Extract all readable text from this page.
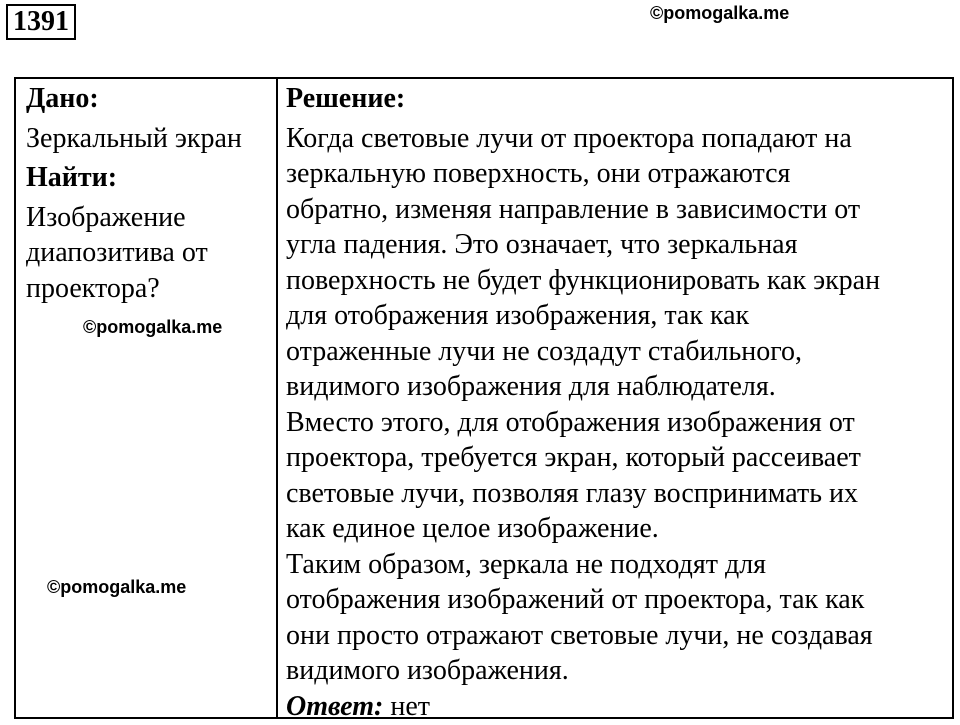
1391	©pomogalka.me
Дано:
Зеркальный экран
Найти:
Изображение
диапозитива от
проектора?
Решение:
Когда световые лучи от проектора попадают на
зеркальную поверхность, они отражаются
обратно, изменяя направление в зависимости от
угла падения. Это означает, что зеркальная
поверхность не будет функционировать как экран
для отображения изображения, так как
отраженные лучи не создадут стабильного,
видимого изображения для наблюдателя.
Вместо этого, для отображения изображения от
проектора, требуется экран, который рассеивает
световые лучи, позволяя глазу воспринимать их
как единое целое изображение.
Таким образом, зеркала не подходят для
отображения изображений от проектора, так как
они просто отражают световые лучи, не создавая
видимого изображения.
Ответ: нет
©pomogalka.me
©pomogalka.me
